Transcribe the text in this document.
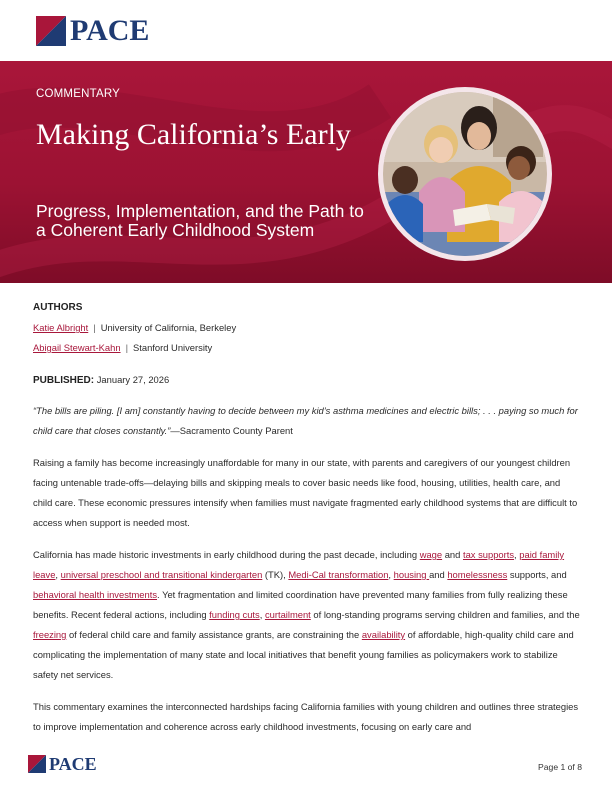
PACE
COMMENTARY
Making California’s Early
Progress, Implementation, and the Path to a Coherent Early Childhood System
AUTHORS
Katie Albright | University of California, Berkeley
Abigail Stewart-Kahn | Stanford University
PUBLISHED: January 27, 2026
“The bills are piling. [I am] constantly having to decide between my kid’s asthma medicines and electric bills; . . . paying so much for child care that closes constantly.”—Sacramento County Parent
Raising a family has become increasingly unaffordable for many in our state, with parents and caregivers of our youngest children facing untenable trade-offs—delaying bills and skipping meals to cover basic needs like food, housing, utilities, health care, and child care. These economic pressures intensify when families must navigate fragmented early childhood systems that are difficult to access when support is needed most.
California has made historic investments in early childhood during the past decade, including wage and tax supports, paid family leave, universal preschool and transitional kindergarten (TK), Medi-Cal transformation, housing and homelessness supports, and behavioral health investments. Yet fragmentation and limited coordination have prevented many families from fully realizing these benefits. Recent federal actions, including funding cuts, curtailment of long-standing programs serving children and families, and the freezing of federal child care and family assistance grants, are constraining the availability of affordable, high-quality child care and complicating the implementation of many state and local initiatives that benefit young families as policymakers work to stabilize safety net services.
This commentary examines the interconnected hardships facing California families with young children and outlines three strategies to improve implementation and coherence across early childhood investments, focusing on early care and
PACE	Page 1 of 8
